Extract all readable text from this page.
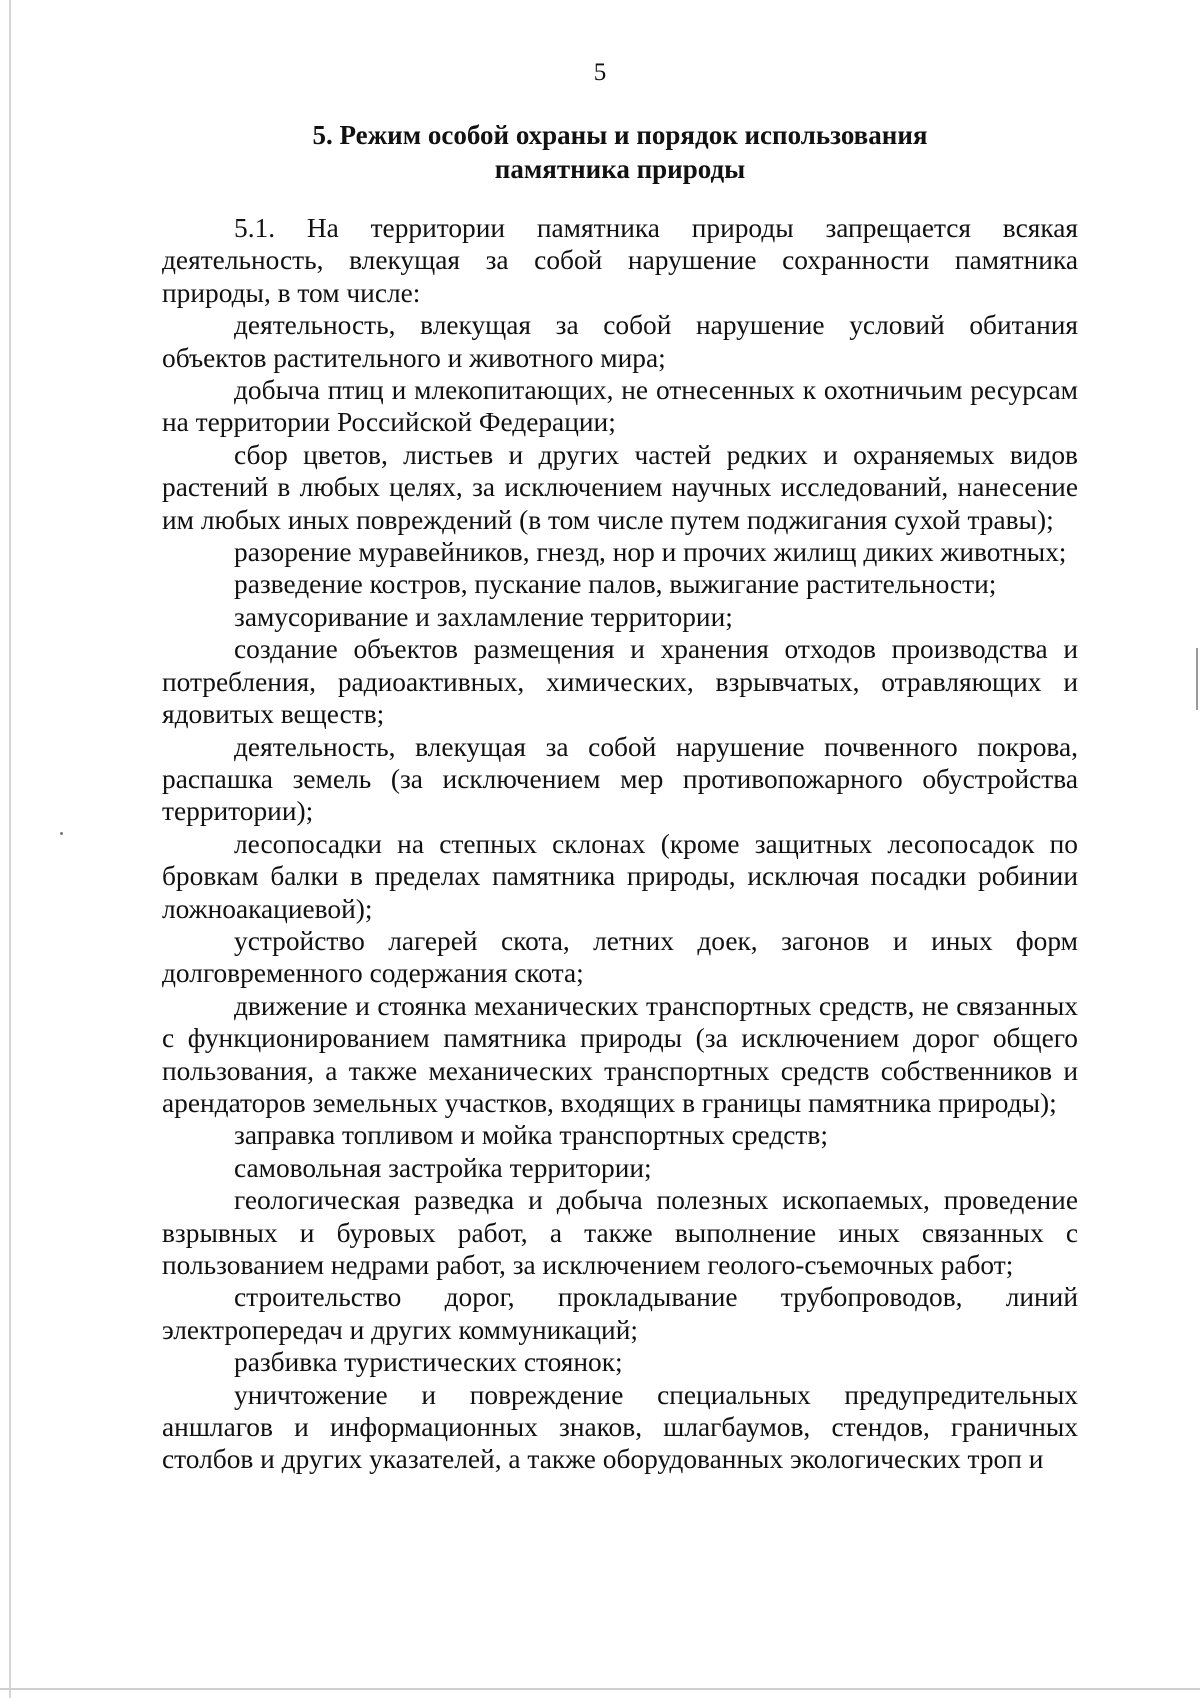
5
5. Режим особой охраны и порядок использования
памятника природы

5.1. На территории памятника природы запрещается всякая деятельность, влекущая за собой нарушение сохранности памятника природы, в том числе:

деятельность, влекущая за собой нарушение условий обитания объектов растительного и животного мира;

добыча птиц и млекопитающих, не отнесенных к охотничьим ресурсам на территории Российской Федерации;

сбор цветов, листьев и других частей редких и охраняемых видов растений в любых целях, за исключением научных исследований, нанесение им любых иных повреждений (в том числе путем поджигания сухой травы);

разорение муравейников, гнезд, нор и прочих жилищ диких животных;

разведение костров, пускание палов, выжигание растительности;

замусоривание и захламление территории;

создание объектов размещения и хранения отходов производства и потребления, радиоактивных, химических, взрывчатых, отравляющих и ядовитых веществ;

деятельность, влекущая за собой нарушение почвенного покрова, распашка земель (за исключением мер противопожарного обустройства территории);

лесопосадки на степных склонах (кроме защитных лесопосадок по бровкам балки в пределах памятника природы, исключая посадки робинии ложноакациевой);

устройство лагерей скота, летних доек, загонов и иных форм долговременного содержания скота;

движение и стоянка механических транспортных средств, не связанных с функционированием памятника природы (за исключением дорог общего пользования, а также механических транспортных средств собственников и арендаторов земельных участков, входящих в границы памятника природы);

заправка топливом и мойка транспортных средств;

самовольная застройка территории;

геологическая разведка и добыча полезных ископаемых, проведение взрывных и буровых работ, а также выполнение иных связанных с пользованием недрами работ, за исключением геолого-съемочных работ;

строительство дорог, прокладывание трубопроводов, линий электропередач и других коммуникаций;

разбивка туристических стоянок;

уничтожение и повреждение специальных предупредительных аншлагов и информационных знаков, шлагбаумов, стендов, граничных столбов и других указателей, а также оборудованных экологических троп и
